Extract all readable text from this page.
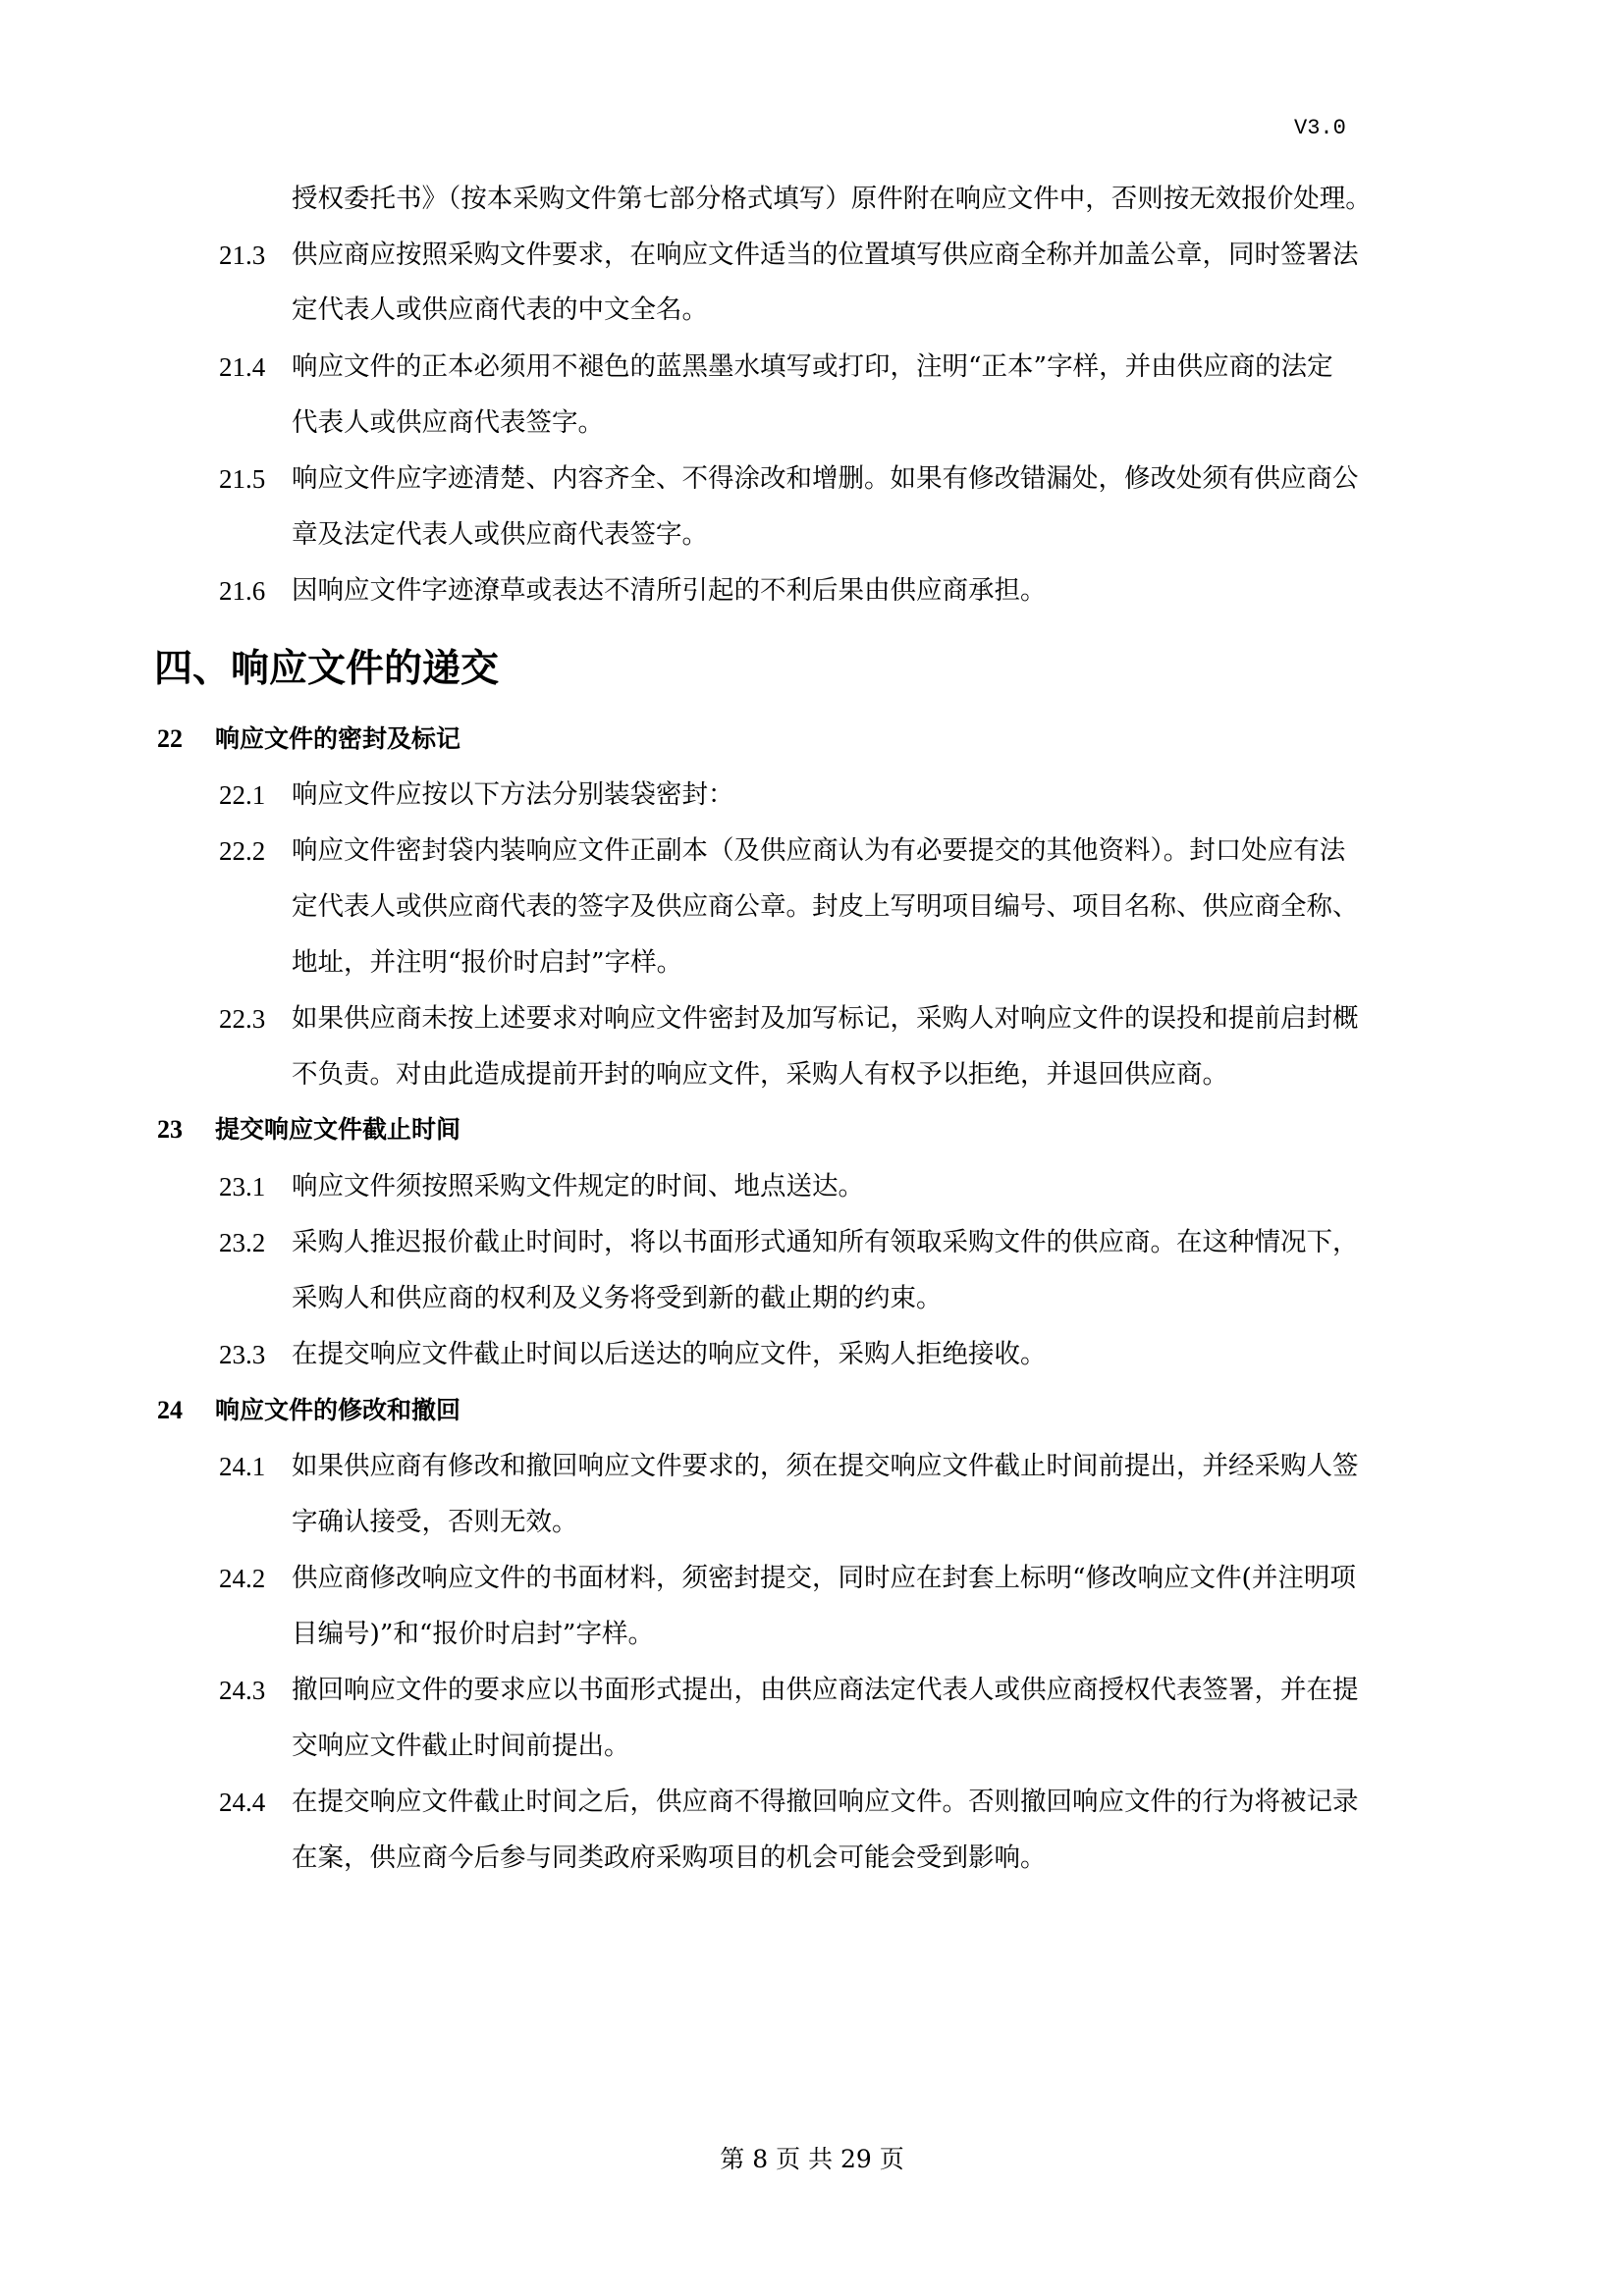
V3.0
授权委托书》（按本采购文件第七部分格式填写）原件附在响应文件中，否则按无效报价处理。
21.3 供应商应按照采购文件要求，在响应文件适当的位置填写供应商全称并加盖公章，同时签署法
定代表人或供应商代表的中文全名。
21.4 响应文件的正本必须用不褪色的蓝黑墨水填写或打印，注明“正本”字样，并由供应商的法定
代表人或供应商代表签字。
21.5 响应文件应字迹清楚、内容齐全、不得涂改和增删。如果有修改错漏处，修改处须有供应商公
章及法定代表人或供应商代表签字。
21.6 因响应文件字迹潦草或表达不清所引起的不利后果由供应商承担。
四、响应文件的递交
22 响应文件的密封及标记
22.1 响应文件应按以下方法分别装袋密封：
22.2 响应文件密封袋内装响应文件正副本（及供应商认为有必要提交的其他资料）。封口处应有法
定代表人或供应商代表的签字及供应商公章。封皮上写明项目编号、项目名称、供应商全称、
地址，并注明“报价时启封”字样。
22.3 如果供应商未按上述要求对响应文件密封及加写标记，采购人对响应文件的误投和提前启封概
不负责。对由此造成提前开封的响应文件，采购人有权予以拒绝，并退回供应商。
23 提交响应文件截止时间
23.1 响应文件须按照采购文件规定的时间、地点送达。
23.2 采购人推迟报价截止时间时，将以书面形式通知所有领取采购文件的供应商。在这种情况下，
采购人和供应商的权利及义务将受到新的截止期的约束。
23.3 在提交响应文件截止时间以后送达的响应文件，采购人拒绝接收。
24 响应文件的修改和撤回
24.1 如果供应商有修改和撤回响应文件要求的，须在提交响应文件截止时间前提出，并经采购人签
字确认接受，否则无效。
24.2 供应商修改响应文件的书面材料，须密封提交，同时应在封套上标明“修改响应文件(并注明项
目编号)”和“报价时启封”字样。
24.3 撤回响应文件的要求应以书面形式提出，由供应商法定代表人或供应商授权代表签署，并在提
交响应文件截止时间前提出。
24.4 在提交响应文件截止时间之后，供应商不得撤回响应文件。否则撤回响应文件的行为将被记录
在案，供应商今后参与同类政府采购项目的机会可能会受到影响。
第 8 页 共 29 页
